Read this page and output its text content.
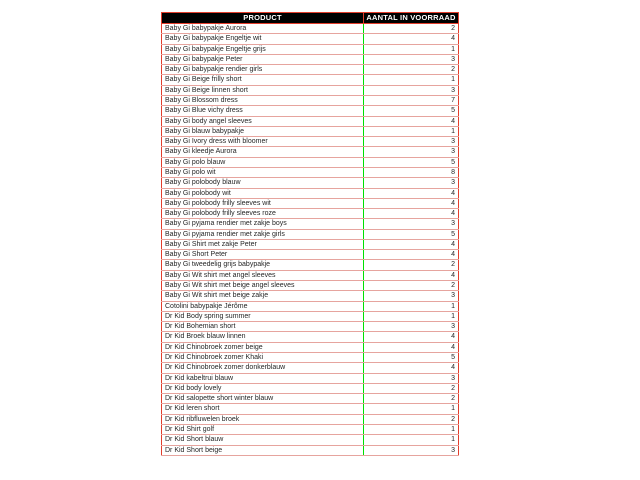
PRODUCT	AANTAL IN VOORRAAD
Baby Gi babypakje Aurora	2
Baby Gi babypakje Engeltje wit	4
Baby Gi babypakje Engeltje grijs	1
Baby Gi babypakje Peter	3
Baby Gi babypakje rendier girls	2
Baby Gi Beige frilly short	1
Baby Gi Beige linnen short	3
Baby Gi Blossom dress	7
Baby Gi Blue vichy dress	5
Baby Gi body angel sleeves	4
Baby Gi blauw babypakje	1
Baby Gi Ivory dress with bloomer	3
Baby Gi kleedje Aurora	3
Baby Gi polo blauw	5
Baby Gi polo wit	8
Baby Gi polobody blauw	3
Baby Gi polobody wit	4
Baby Gi polobody frilly sleeves wit	4
Baby Gi polobody frilly sleeves roze	4
Baby Gi pyjama rendier met zakje boys	3
Baby Gi pyjama rendier met zakje girls	5
Baby Gi Shirt met zakje Peter	4
Baby Gi Short Peter	4
Baby Gi tweedelig grijs babypakje	2
Baby Gi Wit shirt met angel sleeves	4
Baby Gi Wit shirt met beige angel sleeves	2
Baby Gi Wit shirt met beige zakje	3
Cotolini babypakje Jérôme	1
Dr Kid Body spring summer	1
Dr Kid Bohemian short	3
Dr Kid Broek blauw linnen	4
Dr Kid Chinobroek zomer beige	4
Dr Kid Chinobroek zomer Khaki	5
Dr Kid Chinobroek zomer donkerblauw	4
Dr Kid kabeltrui blauw	3
Dr Kid body lovely	2
Dr Kid salopette short winter blauw	2
Dr Kid leren short	1
Dr Kid ribfluwelen broek	2
Dr Kid Shirt golf	1
Dr Kid Short blauw	1
Dr Kid Short beige	3
